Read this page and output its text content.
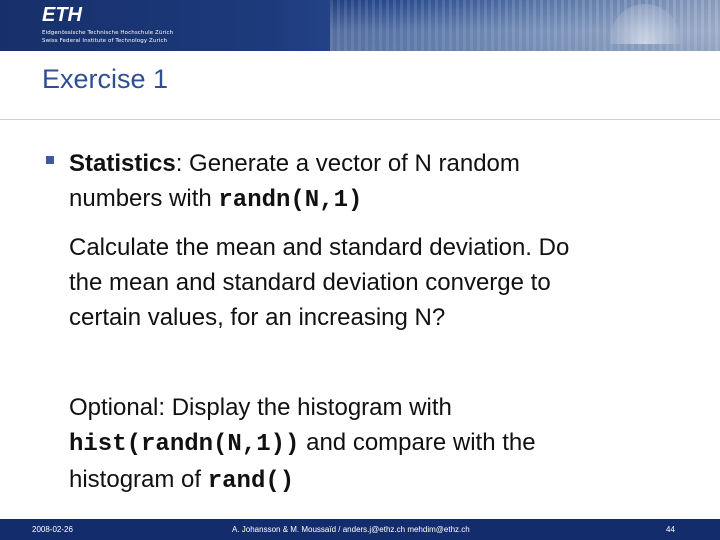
ETH
Eidgenössische Technische Hochschule Zürich
Swiss Federal Institute of Technology Zurich
Exercise 1
Statistics: Generate a vector of N random
numbers with randn(N,1)
Calculate the mean and standard deviation. Do
the mean and standard deviation converge to
certain values, for an increasing N?
Optional: Display the histogram with
hist(randn(N,1)) and compare with the
histogram of rand()
2008-02-26	A. Johansson & M. Moussaïd / anders.j@ethz.ch mehdim@ethz.ch	44
